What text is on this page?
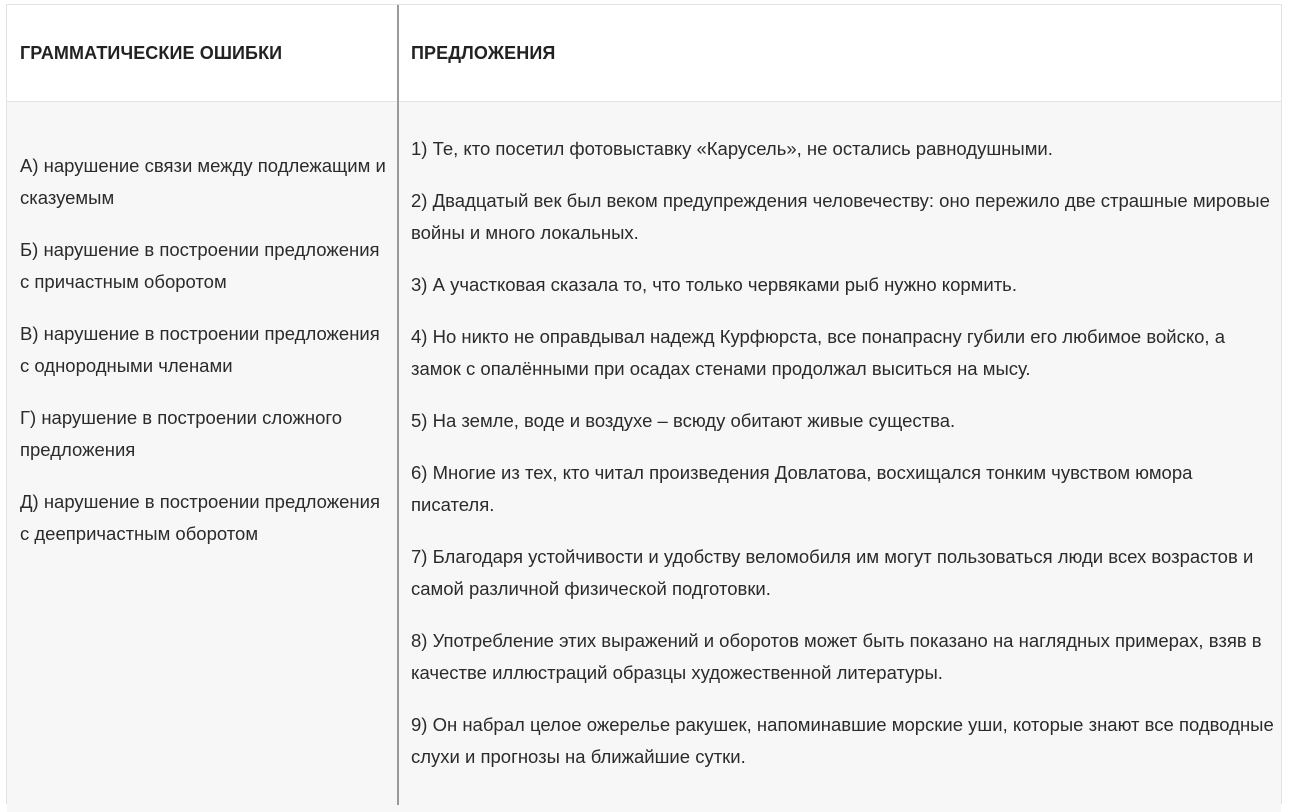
ГРАММАТИЧЕСКИЕ ОШИБКИ	ПРЕДЛОЖЕНИЯ

А) нарушение связи между подлежащим и сказуемым

Б) нарушение в построении предложения с причастным оборотом

В) нарушение в построении предложения с однородными членами

Г) нарушение в построении сложного предложения

Д) нарушение в построении предложения с деепричастным оборотом

1) Те, кто посетил фотовыставку «Карусель», не остались равнодушными.

2) Двадцатый век был веком предупреждения человечеству: оно пережило две страшные мировые войны и много локальных.

3) А участковая сказала то, что только червяками рыб нужно кормить.

4) Но никто не оправдывал надежд Курфюрста, все понапрасну губили его любимое войско, а замок с опалёнными при осадах стенами продолжал выситься на мысу.

5) На земле, воде и воздухе – всюду обитают живые существа.

6) Многие из тех, кто читал произведения Довлатова, восхищался тонким чувством юмора писателя.

7) Благодаря устойчивости и удобству веломобиля им могут пользоваться люди всех возрастов и самой различной физической подготовки.

8) Употребление этих выражений и оборотов может быть показано на наглядных примерах, взяв в качестве иллюстраций образцы художественной литературы.

9) Он набрал целое ожерелье ракушек, напоминавшие морские уши, которые знают все подводные слухи и прогнозы на ближайшие сутки.
